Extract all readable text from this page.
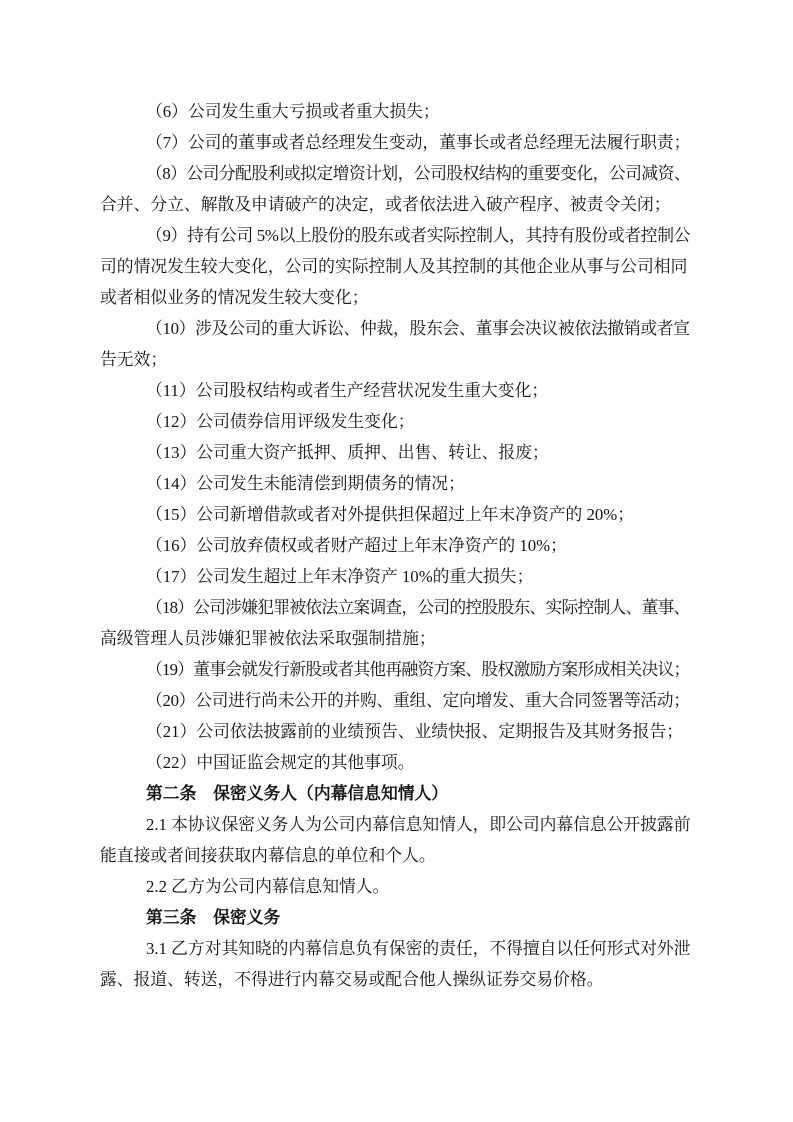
（6）公司发生重大亏损或者重大损失；
（7）公司的董事或者总经理发生变动，董事长或者总经理无法履行职责；
（8）公司分配股利或拟定增资计划，公司股权结构的重要变化，公司减资、
合并、分立、解散及申请破产的决定，或者依法进入破产程序、被责令关闭；
（9）持有公司 5%以上股份的股东或者实际控制人，其持有股份或者控制公
司的情况发生较大变化，公司的实际控制人及其控制的其他企业从事与公司相同
或者相似业务的情况发生较大变化；
（10）涉及公司的重大诉讼、仲裁，股东会、董事会决议被依法撤销或者宣
告无效；
（11）公司股权结构或者生产经营状况发生重大变化；
（12）公司债券信用评级发生变化；
（13）公司重大资产抵押、质押、出售、转让、报废；
（14）公司发生未能清偿到期债务的情况；
（15）公司新增借款或者对外提供担保超过上年末净资产的 20%；
（16）公司放弃债权或者财产超过上年末净资产的 10%；
（17）公司发生超过上年末净资产 10%的重大损失；
（18）公司涉嫌犯罪被依法立案调查，公司的控股股东、实际控制人、董事、
高级管理人员涉嫌犯罪被依法采取强制措施；
（19）董事会就发行新股或者其他再融资方案、股权激励方案形成相关决议；
（20）公司进行尚未公开的并购、重组、定向增发、重大合同签署等活动；
（21）公司依法披露前的业绩预告、业绩快报、定期报告及其财务报告；
（22）中国证监会规定的其他事项。
第二条　保密义务人（内幕信息知情人）
2.1 本协议保密义务人为公司内幕信息知情人，即公司内幕信息公开披露前
能直接或者间接获取内幕信息的单位和个人。
2.2 乙方为公司内幕信息知情人。
第三条　保密义务
3.1 乙方对其知晓的内幕信息负有保密的责任，不得擅自以任何形式对外泄
露、报道、转送，不得进行内幕交易或配合他人操纵证券交易价格。
